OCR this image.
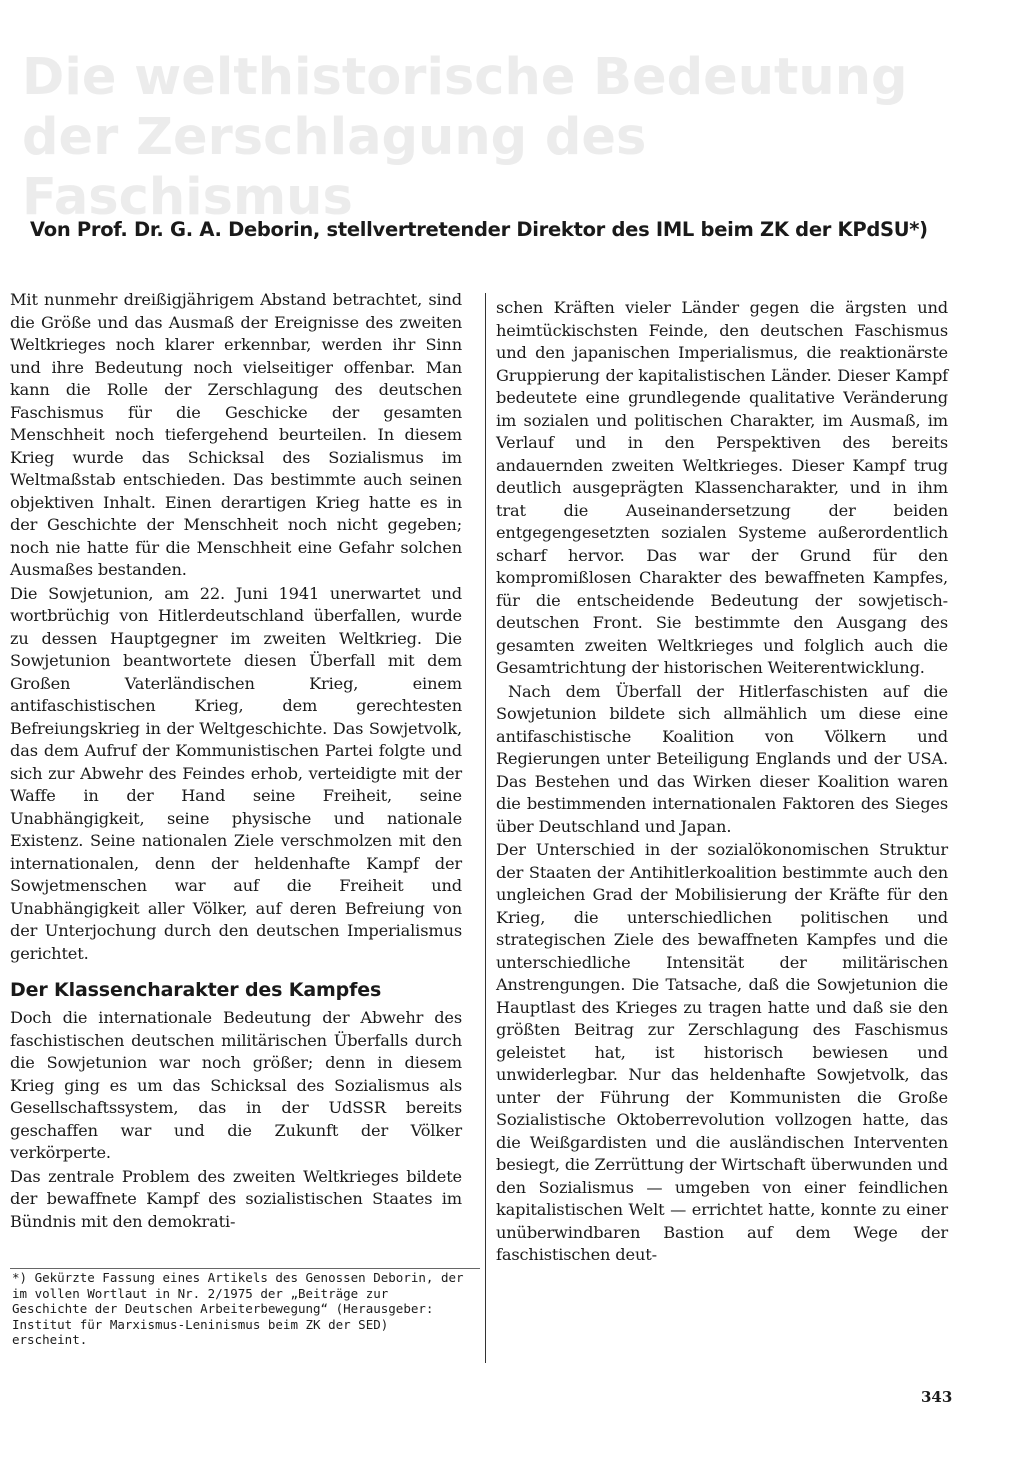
Die welthistorische Bedeutung der Zerschlagung des Faschismus

Von Prof. Dr. G. A. Deborin, stellvertretender Direktor des IML beim ZK der KPdSU*)

Mit nunmehr dreißigjährigem Abstand betrachtet, sind die Größe und das Ausmaß der Ereignisse des zweiten Weltkrieges noch klarer erkennbar, werden ihr Sinn und ihre Bedeutung noch vielseitiger offenbar. Man kann die Rolle der Zerschlagung des deutschen Faschismus für die Geschicke der gesamten Menschheit noch tiefergehend beurteilen. In diesem Krieg wurde das Schicksal des Sozialismus im Weltmaßstab entschieden. Das bestimmte auch seinen objektiven Inhalt. Einen derartigen Krieg hatte es in der Geschichte der Menschheit noch nicht gegeben; noch nie hatte für die Menschheit eine Gefahr solchen Ausmaßes bestanden.

Die Sowjetunion, am 22. Juni 1941 unerwartet und wortbrüchig von Hitlerdeutschland überfallen, wurde zu dessen Hauptgegner im zweiten Weltkrieg. Die Sowjetunion beantwortete diesen Überfall mit dem Großen Vaterländischen Krieg, einem antifaschistischen Krieg, dem gerechtesten Befreiungskrieg in der Weltgeschichte. Das Sowjetvolk, das dem Aufruf der Kommunistischen Partei folgte und sich zur Abwehr des Feindes erhob, verteidigte mit der Waffe in der Hand seine Freiheit, seine Unabhängigkeit, seine physische und nationale Existenz. Seine nationalen Ziele verschmolzen mit den internationalen, denn der heldenhafte Kampf der Sowjetmenschen war auf die Freiheit und Unabhängigkeit aller Völker, auf deren Befreiung von der Unterjochung durch den deutschen Imperialismus gerichtet.

Der Klassencharakter des Kampfes

Doch die internationale Bedeutung der Abwehr des faschistischen deutschen militärischen Überfalls durch die Sowjetunion war noch größer; denn in diesem Krieg ging es um das Schicksal des Sozialismus als Gesellschaftssystem, das in der UdSSR bereits geschaffen war und die Zukunft der Völker verkörperte.

Das zentrale Problem des zweiten Weltkrieges bildete der bewaffnete Kampf des sozialistischen Staates im Bündnis mit den demokrati-

schen Kräften vieler Länder gegen die ärgsten und heimtückischsten Feinde, den deutschen Faschismus und den japanischen Imperialismus, die reaktionärste Gruppierung der kapitalistischen Länder. Dieser Kampf bedeutete eine grundlegende qualitative Veränderung im sozialen und politischen Charakter, im Ausmaß, im Verlauf und in den Perspektiven des bereits andauernden zweiten Weltkrieges. Dieser Kampf trug deutlich ausgeprägten Klassencharakter, und in ihm trat die Auseinandersetzung der beiden entgegengesetzten sozialen Systeme außerordentlich scharf hervor. Das war der Grund für den kompromißlosen Charakter des bewaffneten Kampfes, für die entscheidende Bedeutung der sowjetisch-deutschen Front. Sie bestimmte den Ausgang des gesamten zweiten Weltkrieges und folglich auch die Gesamtrichtung der historischen Weiterentwicklung.

Nach dem Überfall der Hitlerfaschisten auf die Sowjetunion bildete sich allmählich um diese eine antifaschistische Koalition von Völkern und Regierungen unter Beteiligung Englands und der USA. Das Bestehen und das Wirken dieser Koalition waren die bestimmenden internationalen Faktoren des Sieges über Deutschland und Japan.

Der Unterschied in der sozialökonomischen Struktur der Staaten der Antihitlerkoalition bestimmte auch den ungleichen Grad der Mobilisierung der Kräfte für den Krieg, die unterschiedlichen politischen und strategischen Ziele des bewaffneten Kampfes und die unterschiedliche Intensität der militärischen Anstrengungen. Die Tatsache, daß die Sowjetunion die Hauptlast des Krieges zu tragen hatte und daß sie den größten Beitrag zur Zerschlagung des Faschismus geleistet hat, ist historisch bewiesen und unwiderlegbar. Nur das heldenhafte Sowjetvolk, das unter der Führung der Kommunisten die Große Sozialistische Oktoberrevolution vollzogen hatte, das die Weißgardisten und die ausländischen Interventen besiegt, die Zerrüttung der Wirtschaft überwunden und den Sozialismus — umgeben von einer feindlichen kapitalistischen Welt — errichtet hatte, konnte zu einer unüberwindbaren Bastion auf dem Wege der faschistischen deut-

*) Gekürzte Fassung eines Artikels des Genossen Deborin, der im vollen Wortlaut in Nr. 2/1975 der „Beiträge zur Geschichte der Deutschen Arbeiterbewegung“ (Herausgeber: Institut für Marxismus-Leninismus beim ZK der SED) erscheint.

343
